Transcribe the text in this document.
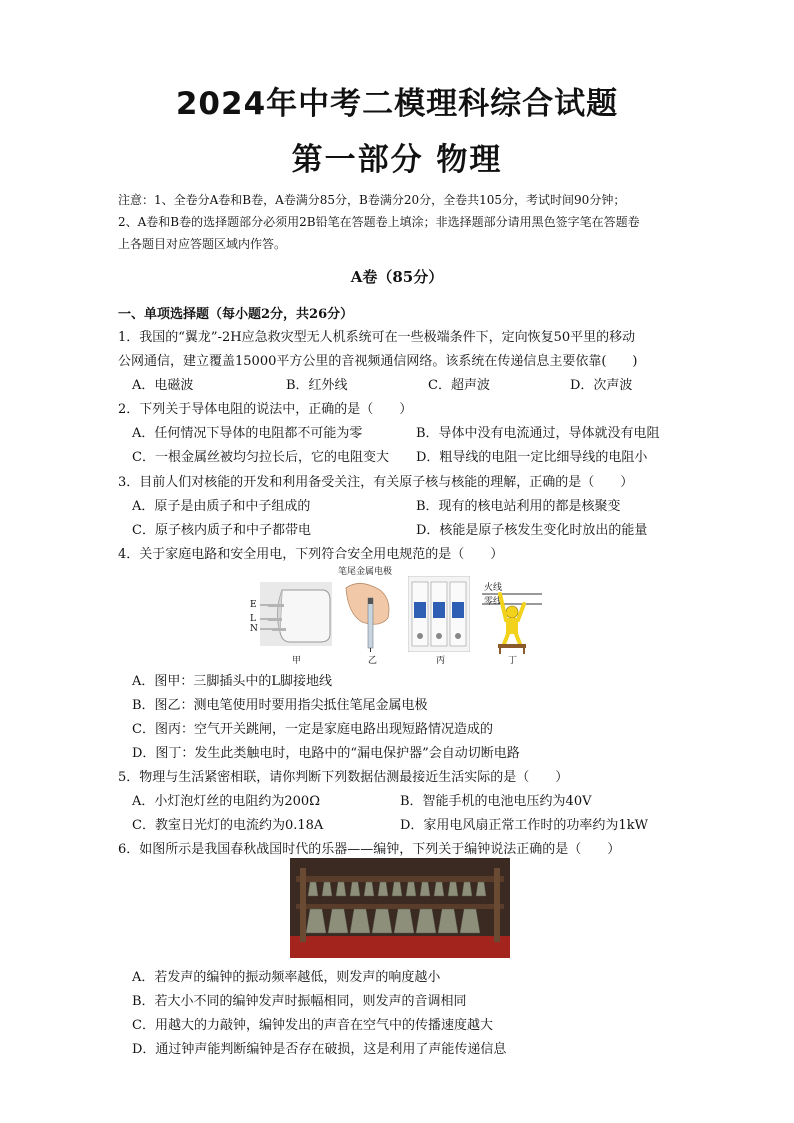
2024年中考二模理科综合试题
第一部分 物理
注意：1、全卷分A卷和B卷，A卷满分85分，B卷满分20分，全卷共105分，考试时间90分钟；
2、A卷和B卷的选择题部分必须用2B铅笔在答题卷上填涂；非选择题部分请用黑色签字笔在答题卷
上各题目对应答题区域内作答。
A卷（85分）
一、单项选择题（每小题2分，共26分）
1．我国的“翼龙”-2H应急救灾型无人机系统可在一些极端条件下，定向恢复50平里的移动
公网通信，建立覆盖15000平方公里的音视频通信网络。该系统在传递信息主要依靠(　　)
A．电磁波	B．红外线	C．超声波	D．次声波
2．下列关于导体电阻的说法中，正确的是（　　）
A．任何情况下导体的电阻都不可能为零	B．导体中没有电流通过，导体就没有电阻
C．一根金属丝被均匀拉长后，它的电阻变大 D．粗导线的电阻一定比细导线的电阻小
3．目前人们对核能的开发和利用备受关注，有关原子核与核能的理解，正确的是（　　）
A．原子是由质子和中子组成的	B．现有的核电站利用的都是核聚变
C．原子核内质子和中子都带电	D．核能是原子核发生变化时放出的能量
4．关于家庭电路和安全用电，下列符合安全用电规范的是（　　）
E
L
N
笔尾金属电极
火线
零线
甲	乙	丙	丁
A．图甲：三脚插头中的L脚接地线
B．图乙：测电笔使用时要用指尖抵住笔尾金属电极
C．图丙：空气开关跳闸，一定是家庭电路出现短路情况造成的
D．图丁：发生此类触电时，电路中的“漏电保护器”会自动切断电路
5．物理与生活紧密相联，请你判断下列数据估测最接近生活实际的是（　　）
A．小灯泡灯丝的电阻约为200Ω	B．智能手机的电池电压约为40V
C．教室日光灯的电流约为0.18A	D．家用电风扇正常工作时的功率约为1kW
6．如图所示是我国春秋战国时代的乐器——编钟，下列关于编钟说法正确的是（　　）
A．若发声的编钟的振动频率越低，则发声的响度越小
B．若大小不同的编钟发声时振幅相同，则发声的音调相同
C．用越大的力敲钟，编钟发出的声音在空气中的传播速度越大
D．通过钟声能判断编钟是否存在破损，这是利用了声能传递信息
